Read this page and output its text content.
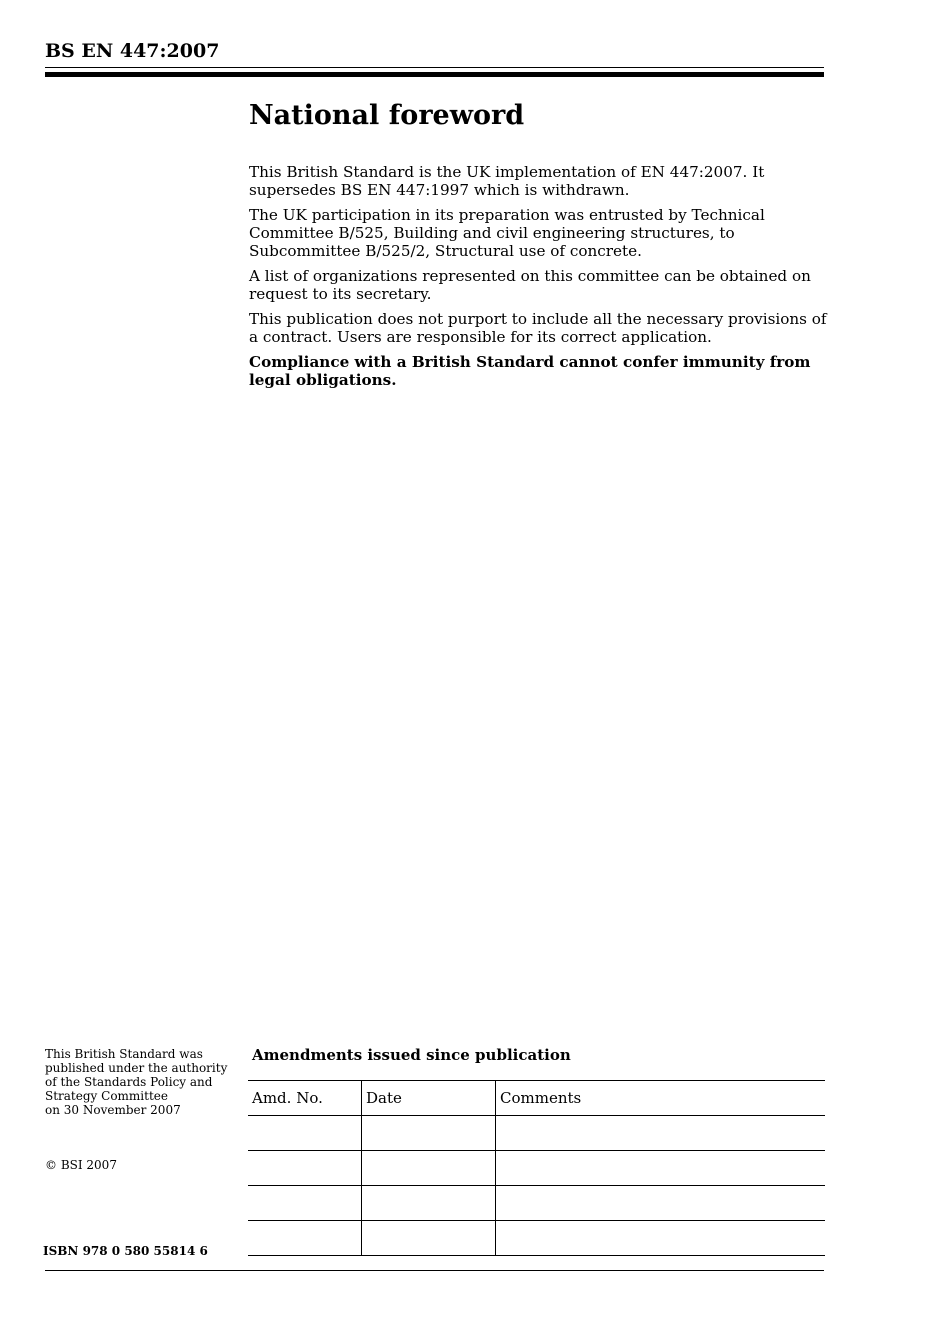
BS EN 447:2007
National foreword

This British Standard is the UK implementation of EN 447:2007. It supersedes BS EN 447:1997 which is withdrawn.

The UK participation in its preparation was entrusted by Technical Committee B/525, Building and civil engineering structures, to Subcommittee B/525/2, Structural use of concrete.

A list of organizations represented on this committee can be obtained on request to its secretary.

This publication does not purport to include all the necessary provisions of a contract. Users are responsible for its correct application.

Compliance with a British Standard cannot confer immunity from legal obligations.

This British Standard was
published under the authority
of the Standards Policy and
Strategy Committee
on 30 November 2007
© BSI 2007
ISBN 978 0 580 55814 6
Amendments issued since publication
Amd. No.	Date	Comments
